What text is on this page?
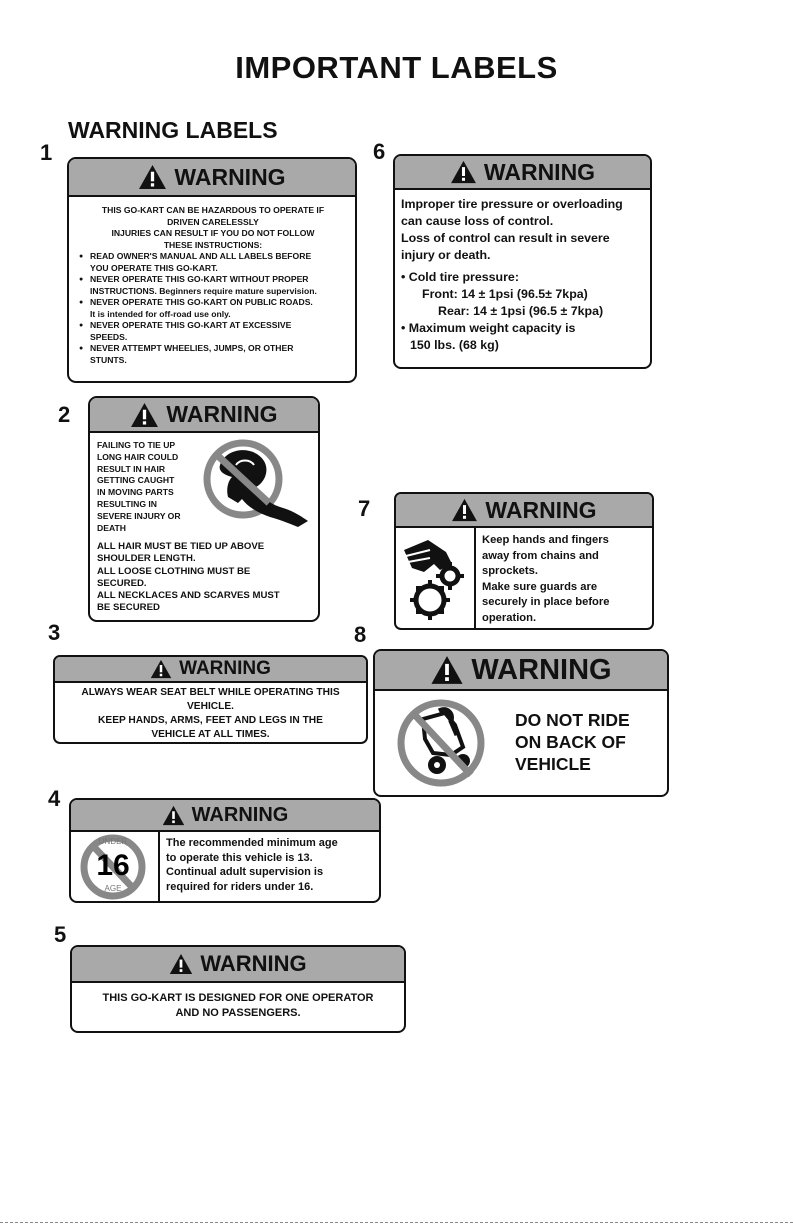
IMPORTANT LABELS
WARNING LABELS
1
2
3
4
5
6
7
8
WARNING
THIS GO-KART CAN BE HAZARDOUS TO OPERATE IF
DRIVEN CARELESSLY
INJURIES CAN RESULT IF YOU DO NOT FOLLOW
THESE INSTRUCTIONS:
● READ OWNER'S MANUAL AND ALL LABELS BEFORE
YOU OPERATE THIS GO-KART.
● NEVER OPERATE THIS GO-KART WITHOUT PROPER
INSTRUCTIONS. Beginners require mature supervision.
● NEVER OPERATE THIS GO-KART ON PUBLIC ROADS.
It is intended for off-road use only.
● NEVER OPERATE THIS GO-KART AT EXCESSIVE
SPEEDS.
● NEVER ATTEMPT WHEELIES, JUMPS, OR OTHER
STUNTS.
WARNING
FAILING TO TIE UP
LONG HAIR COULD
RESULT IN HAIR
GETTING CAUGHT
IN MOVING PARTS
RESULTING IN
SEVERE INJURY OR
DEATH
ALL HAIR MUST BE TIED UP ABOVE
SHOULDER LENGTH.
ALL LOOSE CLOTHING MUST BE
SECURED.
ALL NECKLACES AND SCARVES MUST
BE SECURED
WARNING
ALWAYS WEAR SEAT BELT WHILE OPERATING THIS
VEHICLE.
KEEP HANDS, ARMS, FEET AND LEGS IN THE
VEHICLE AT ALL TIMES.
WARNING
UNDER
16
AGE
The recommended minimum age
to operate this vehicle is 13.
Continual adult supervision is
required for riders under 16.
WARNING
THIS GO-KART IS DESIGNED FOR ONE OPERATOR
AND NO PASSENGERS.
WARNING
Improper tire pressure or overloading
can cause loss of control.
Loss of control can result in severe
injury or death.
• Cold tire pressure:
Front: 14 ± 1psi (96.5± 7kpa)
Rear: 14 ± 1psi (96.5 ± 7kpa)
• Maximum weight capacity is
150 lbs. (68 kg)
WARNING
Keep hands and fingers
away from chains and
sprockets.
Make sure guards are
securely in place before
operation.
WARNING
DO NOT RIDE
ON BACK OF
VEHICLE
